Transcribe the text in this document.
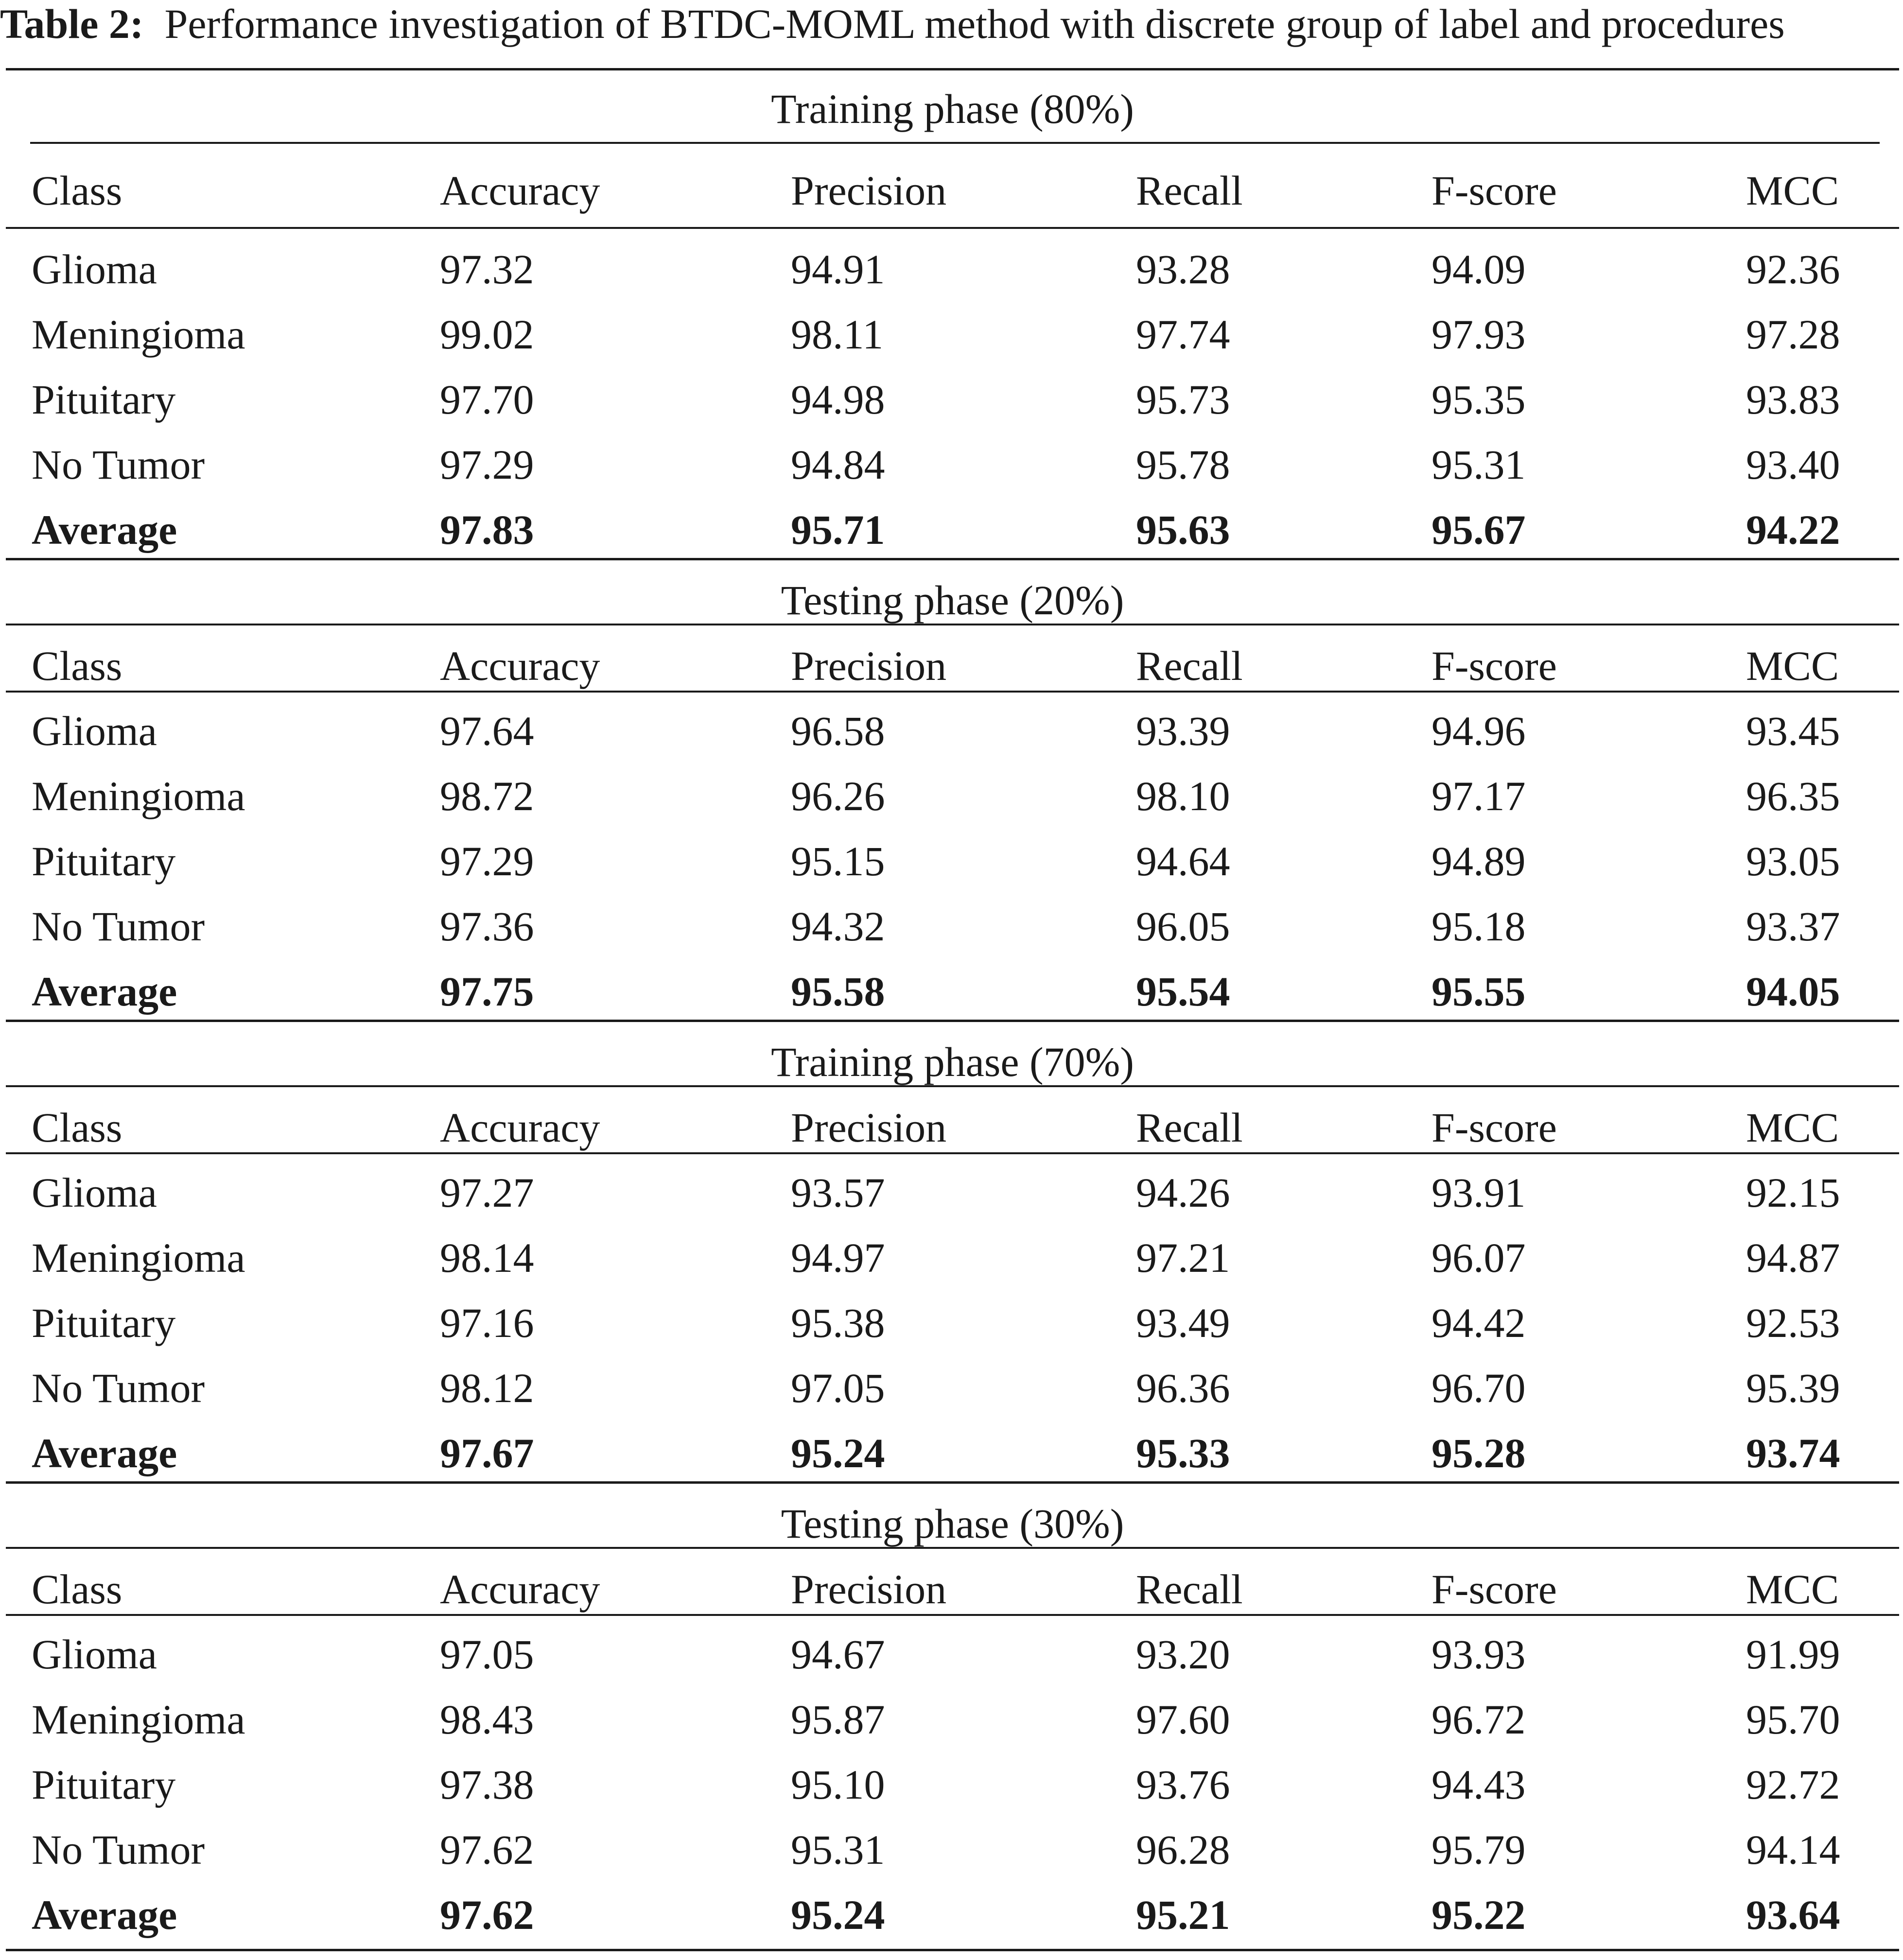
Table 2: Performance investigation of BTDC-MOML method with discrete group of label and procedures
Training phase (80%)
Class	Accuracy	Precision	Recall	F-score	MCC
Glioma	97.32	94.91	93.28	94.09	92.36
Meningioma	99.02	98.11	97.74	97.93	97.28
Pituitary	97.70	94.98	95.73	95.35	93.83
No Tumor	97.29	94.84	95.78	95.31	93.40
Average	97.83	95.71	95.63	95.67	94.22
Testing phase (20%)
Class	Accuracy	Precision	Recall	F-score	MCC
Glioma	97.64	96.58	93.39	94.96	93.45
Meningioma	98.72	96.26	98.10	97.17	96.35
Pituitary	97.29	95.15	94.64	94.89	93.05
No Tumor	97.36	94.32	96.05	95.18	93.37
Average	97.75	95.58	95.54	95.55	94.05
Training phase (70%)
Class	Accuracy	Precision	Recall	F-score	MCC
Glioma	97.27	93.57	94.26	93.91	92.15
Meningioma	98.14	94.97	97.21	96.07	94.87
Pituitary	97.16	95.38	93.49	94.42	92.53
No Tumor	98.12	97.05	96.36	96.70	95.39
Average	97.67	95.24	95.33	95.28	93.74
Testing phase (30%)
Class	Accuracy	Precision	Recall	F-score	MCC
Glioma	97.05	94.67	93.20	93.93	91.99
Meningioma	98.43	95.87	97.60	96.72	95.70
Pituitary	97.38	95.10	93.76	94.43	92.72
No Tumor	97.62	95.31	96.28	95.79	94.14
Average	97.62	95.24	95.21	95.22	93.64
